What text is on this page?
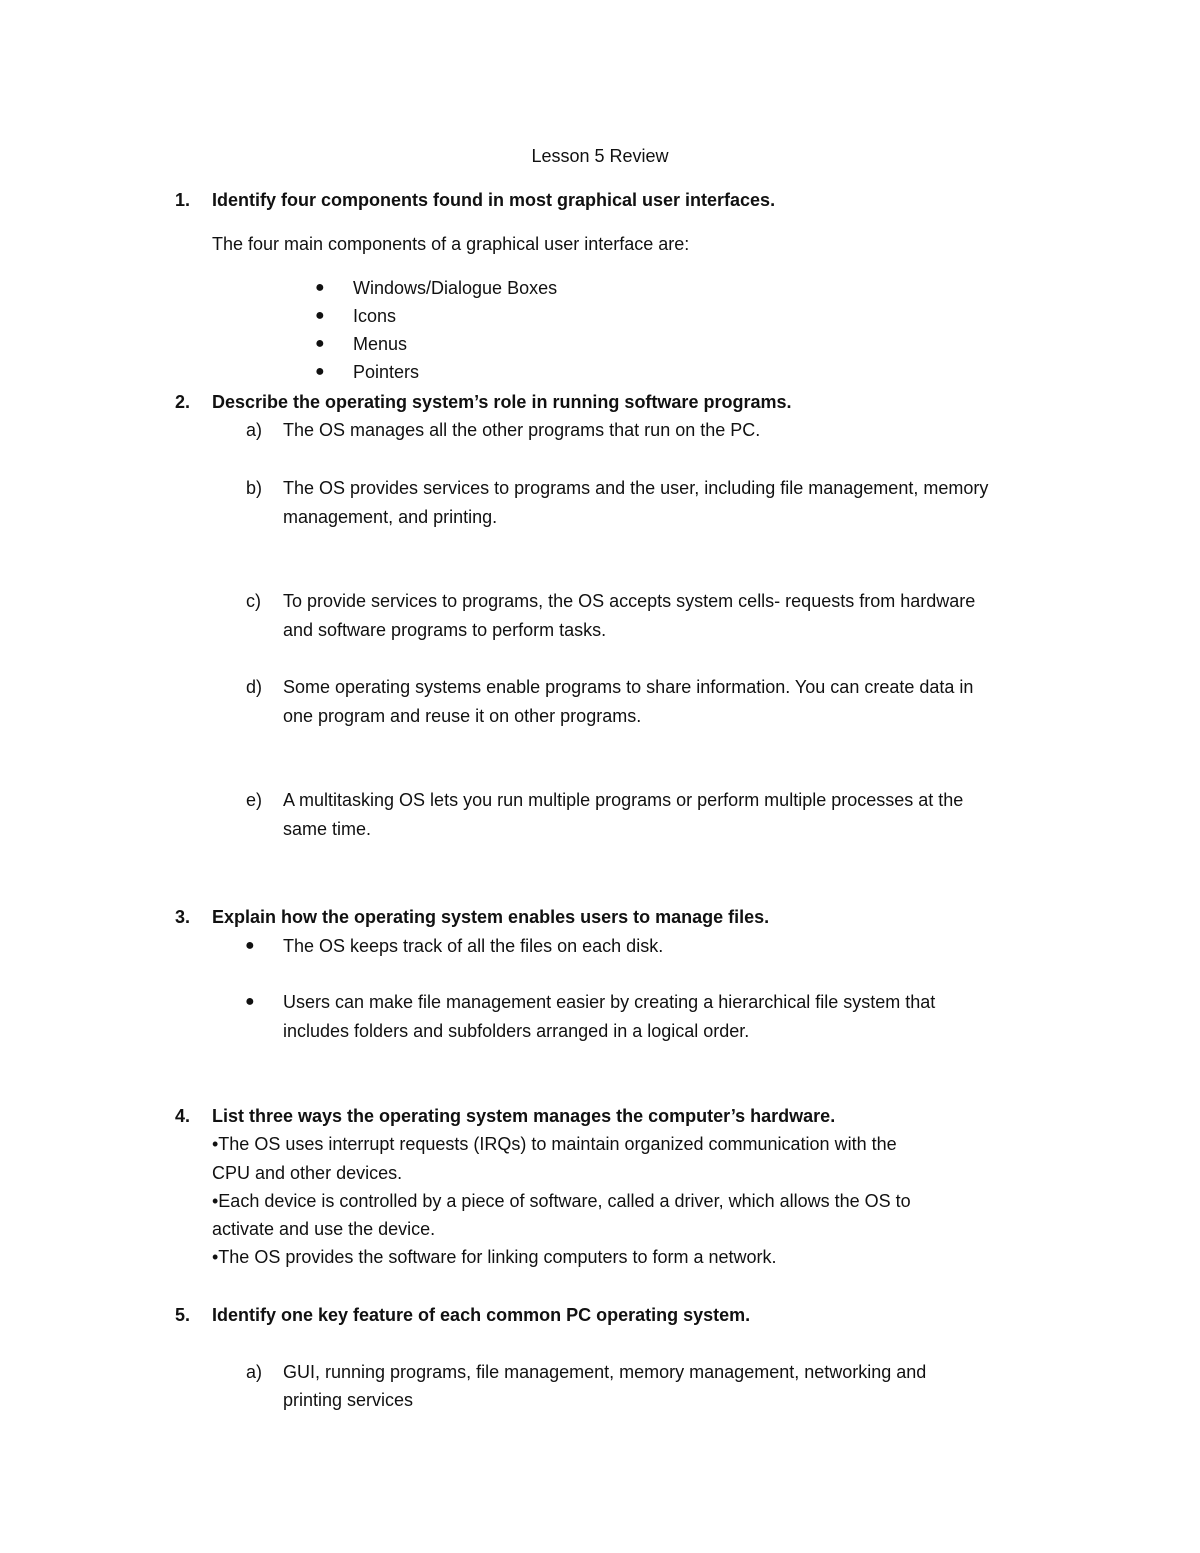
Lesson 5 Review
1. Identify four components found in most graphical user interfaces.
The four main components of a graphical user interface are:
● Windows/Dialogue Boxes
● Icons
● Menus
● Pointers
2. Describe the operating system’s role in running software programs.
a) The OS manages all the other programs that run on the PC.
b) The OS provides services to programs and the user, including file management, memory
management, and printing.
c) To provide services to programs, the OS accepts system cells- requests from hardware
and software programs to perform tasks.
d) Some operating systems enable programs to share information. You can create data in
one program and reuse it on other programs.
e) A multitasking OS lets you run multiple programs or perform multiple processes at the
same time.
3. Explain how the operating system enables users to manage files.
● The OS keeps track of all the files on each disk.
● Users can make file management easier by creating a hierarchical file system that
includes folders and subfolders arranged in a logical order.
4. List three ways the operating system manages the computer’s hardware.
•The OS uses interrupt requests (IRQs) to maintain organized communication with the
CPU and other devices.
•Each device is controlled by a piece of software, called a driver, which allows the OS to
activate and use the device.
•The OS provides the software for linking computers to form a network.
5. Identify one key feature of each common PC operating system.
a) GUI, running programs, file management, memory management, networking and
printing services
